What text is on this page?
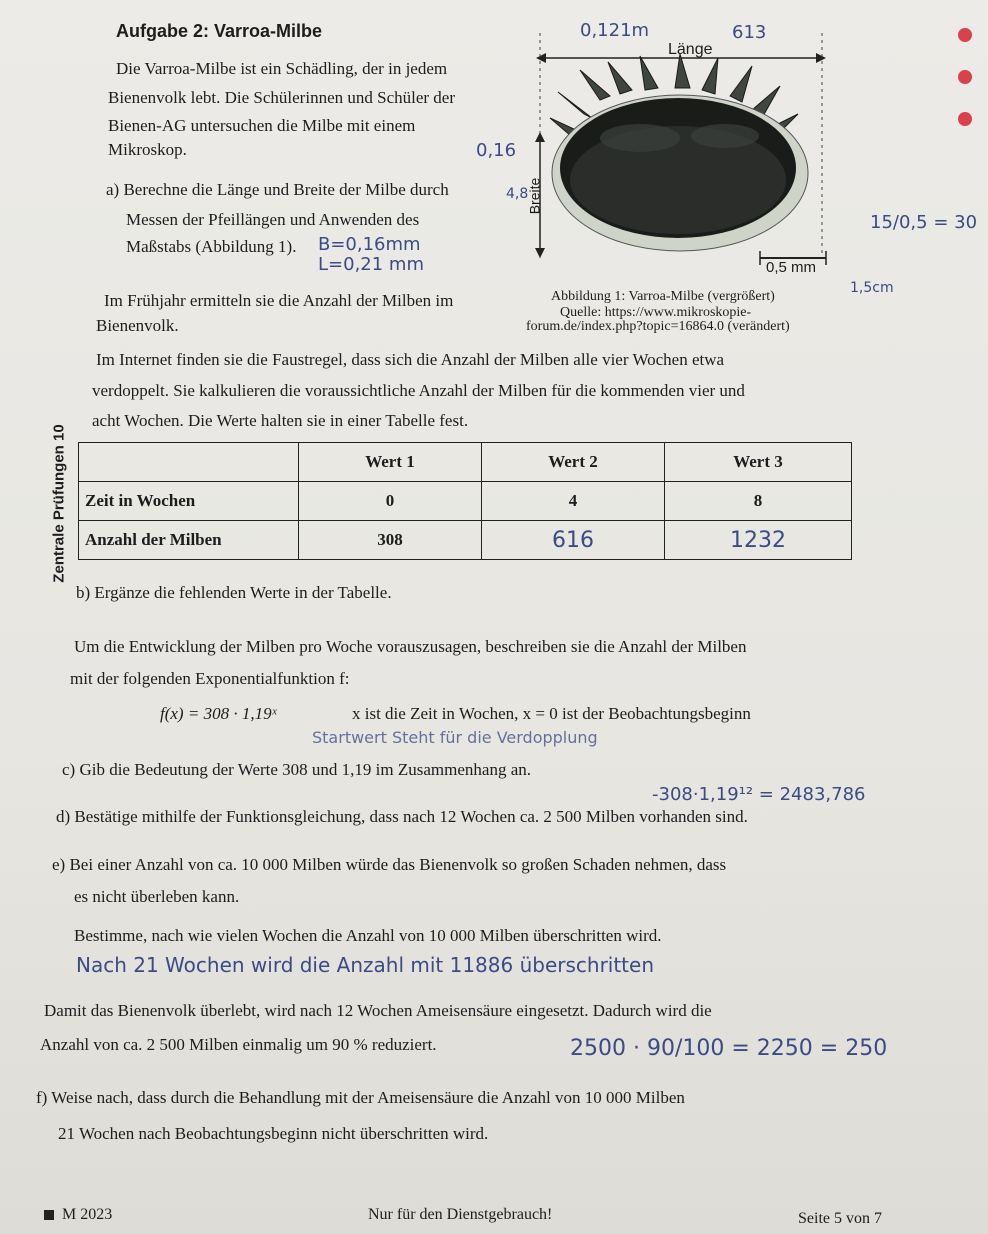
Zentrale Prüfungen 10
Aufgabe 2: Varroa-Milbe
Die Varroa-Milbe ist ein Schädling, der in jedem
Bienenvolk lebt. Die Schülerinnen und Schüler der
Bienen-AG untersuchen die Milbe mit einem
Mikroskop.
a) Berechne die Länge und Breite der Milbe durch
Messen der Pfeillängen und Anwenden des
Maßstabs (Abbildung 1). B=0,16mm
L=0,21 mm
Länge
Breite
0,5 mm
0,121m	613
0,16
4,8
15/0,5 = 30
1,5cm
Abbildung 1: Varroa-Milbe (vergrößert)
Quelle: https://www.mikroskopie-
forum.de/index.php?topic=16864.0 (verändert)
Im Frühjahr ermitteln sie die Anzahl der Milben im
Bienenvolk.
Im Internet finden sie die Faustregel, dass sich die Anzahl der Milben alle vier Wochen etwa
verdoppelt. Sie kalkulieren die voraussichtliche Anzahl der Milben für die kommenden vier und
acht Wochen. Die Werte halten sie in einer Tabelle fest.
	Wert 1	Wert 2	Wert 3
Zeit in Wochen	0	4	8
Anzahl der Milben	308	616	1232
b) Ergänze die fehlenden Werte in der Tabelle.
Um die Entwicklung der Milben pro Woche vorauszusagen, beschreiben sie die Anzahl der Milben
mit der folgenden Exponentialfunktion f:
f(x) = 308 · 1,19ˣ	x ist die Zeit in Wochen, x = 0 ist der Beobachtungsbeginn
Startwert Steht für die Verdopplung
c) Gib die Bedeutung der Werte 308 und 1,19 im Zusammenhang an.
-308·1,19¹² = 2483,786
d) Bestätige mithilfe der Funktionsgleichung, dass nach 12 Wochen ca. 2 500 Milben vorhanden sind.
e) Bei einer Anzahl von ca. 10 000 Milben würde das Bienenvolk so großen Schaden nehmen, dass
es nicht überleben kann.
Bestimme, nach wie vielen Wochen die Anzahl von 10 000 Milben überschritten wird.
Nach 21 Wochen wird die Anzahl mit 11886 überschritten
Damit das Bienenvolk überlebt, wird nach 12 Wochen Ameisensäure eingesetzt. Dadurch wird die
Anzahl von ca. 2 500 Milben einmalig um 90 % reduziert.	2500 · 90/100 = 2250 = 250
f) Weise nach, dass durch die Behandlung mit der Ameisensäure die Anzahl von 10 000 Milben
21 Wochen nach Beobachtungsbeginn nicht überschritten wird.
M 2023	Nur für den Dienstgebrauch!	Seite 5 von 7
